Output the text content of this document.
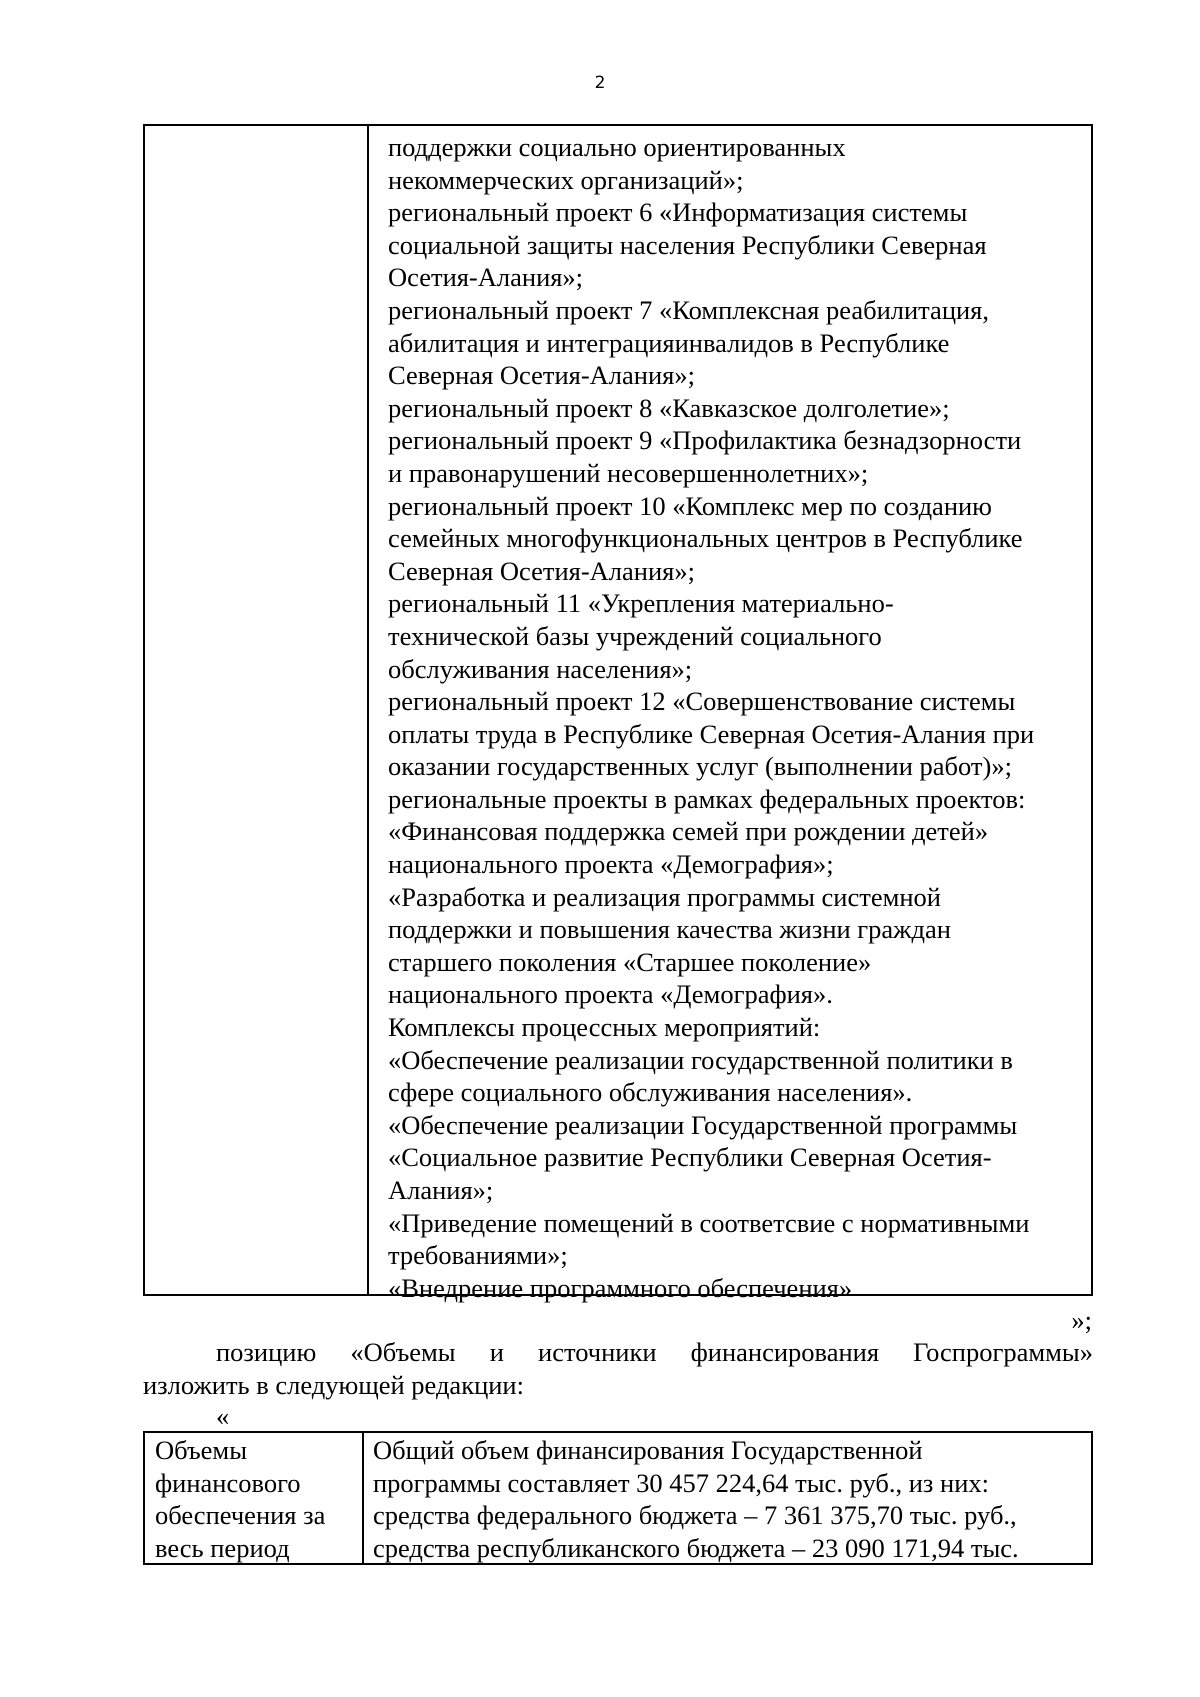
2
поддержки социально ориентированных
некоммерческих организаций»;
региональный проект 6 «Информатизация системы
социальной защиты населения Республики Северная
Осетия-Алания»;
региональный проект 7 «Комплексная реабилитация,
абилитация и интеграцияинвалидов в Республике
Северная Осетия-Алания»;
региональный проект 8 «Кавказское долголетие»;
региональный проект 9 «Профилактика безнадзорности
и правонарушений несовершеннолетних»;
региональный проект 10 «Комплекс мер по созданию
семейных многофункциональных центров в Республике
Северная Осетия-Алания»;
региональный 11 «Укрепления материально-
технической базы учреждений социального
обслуживания населения»;
региональный проект 12 «Совершенствование системы
оплаты труда в Республике Северная Осетия-Алания при
оказании государственных услуг (выполнении работ)»;
региональные проекты в рамках федеральных проектов:
«Финансовая поддержка семей при рождении детей»
национального проекта «Демография»;
«Разработка и реализация программы системной
поддержки и повышения качества жизни граждан
старшего поколения «Старшее поколение»
национального проекта «Демография».
Комплексы процессных мероприятий:
«Обеспечение реализации государственной политики в
сфере социального обслуживания населения».
«Обеспечение реализации Государственной программы
«Социальное развитие Республики Северная Осетия-
Алания»;
«Приведение помещений в соответсвие с нормативными
требованиями»;
«Внедрение программного обеспечения»
»;
позицию «Объемы и источники финансирования Госпрограммы»
изложить в следующей редакции:
«
Объемы
финансового
обеспечения за
весь период
Общий объем финансирования Государственной
программы составляет 30 457 224,64 тыс. руб., из них:
средства федерального бюджета – 7 361 375,70 тыс. руб.,
средства республиканского бюджета – 23 090 171,94 тыс.
